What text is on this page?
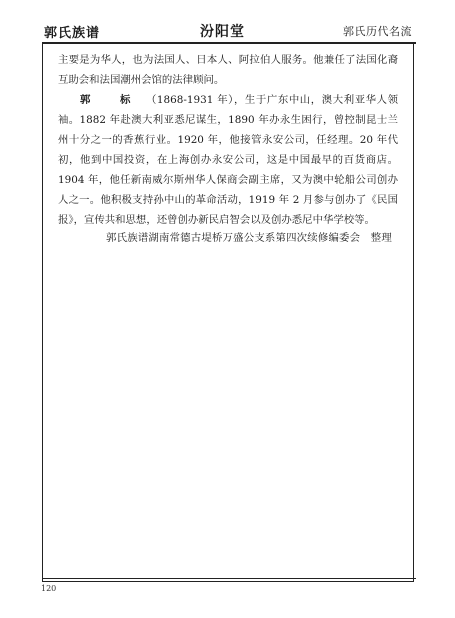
郭氏族谱	汾阳堂	郭氏历代名流

主要是为华人，也为法国人、日本人、阿拉伯人服务。他兼任了法国化裔互助会和法国潮州会馆的法律顾问。

郭　标 （1868-1931 年），生于广东中山，澳大利亚华人领袖。1882 年赴澳大利亚悉尼谋生，1890 年办永生困行，曾控制昆士兰州十分之一的香蕉行业。1920 年，他接管永安公司，任经理。20 年代初，他到中国投资，在上海创办永安公司，这是中国最早的百货商店。1904 年，他任新南威尔斯州华人保商会副主席，又为澳中轮船公司创办人之一。他积极支持孙中山的革命活动，1919 年 2 月参与创办了《民国报》，宣传共和思想，还曾创办新民启智会以及创办悉尼中华学校等。

郭氏族谱湖南常德古堤桥万盛公支系第四次续修编委会　整理
120
